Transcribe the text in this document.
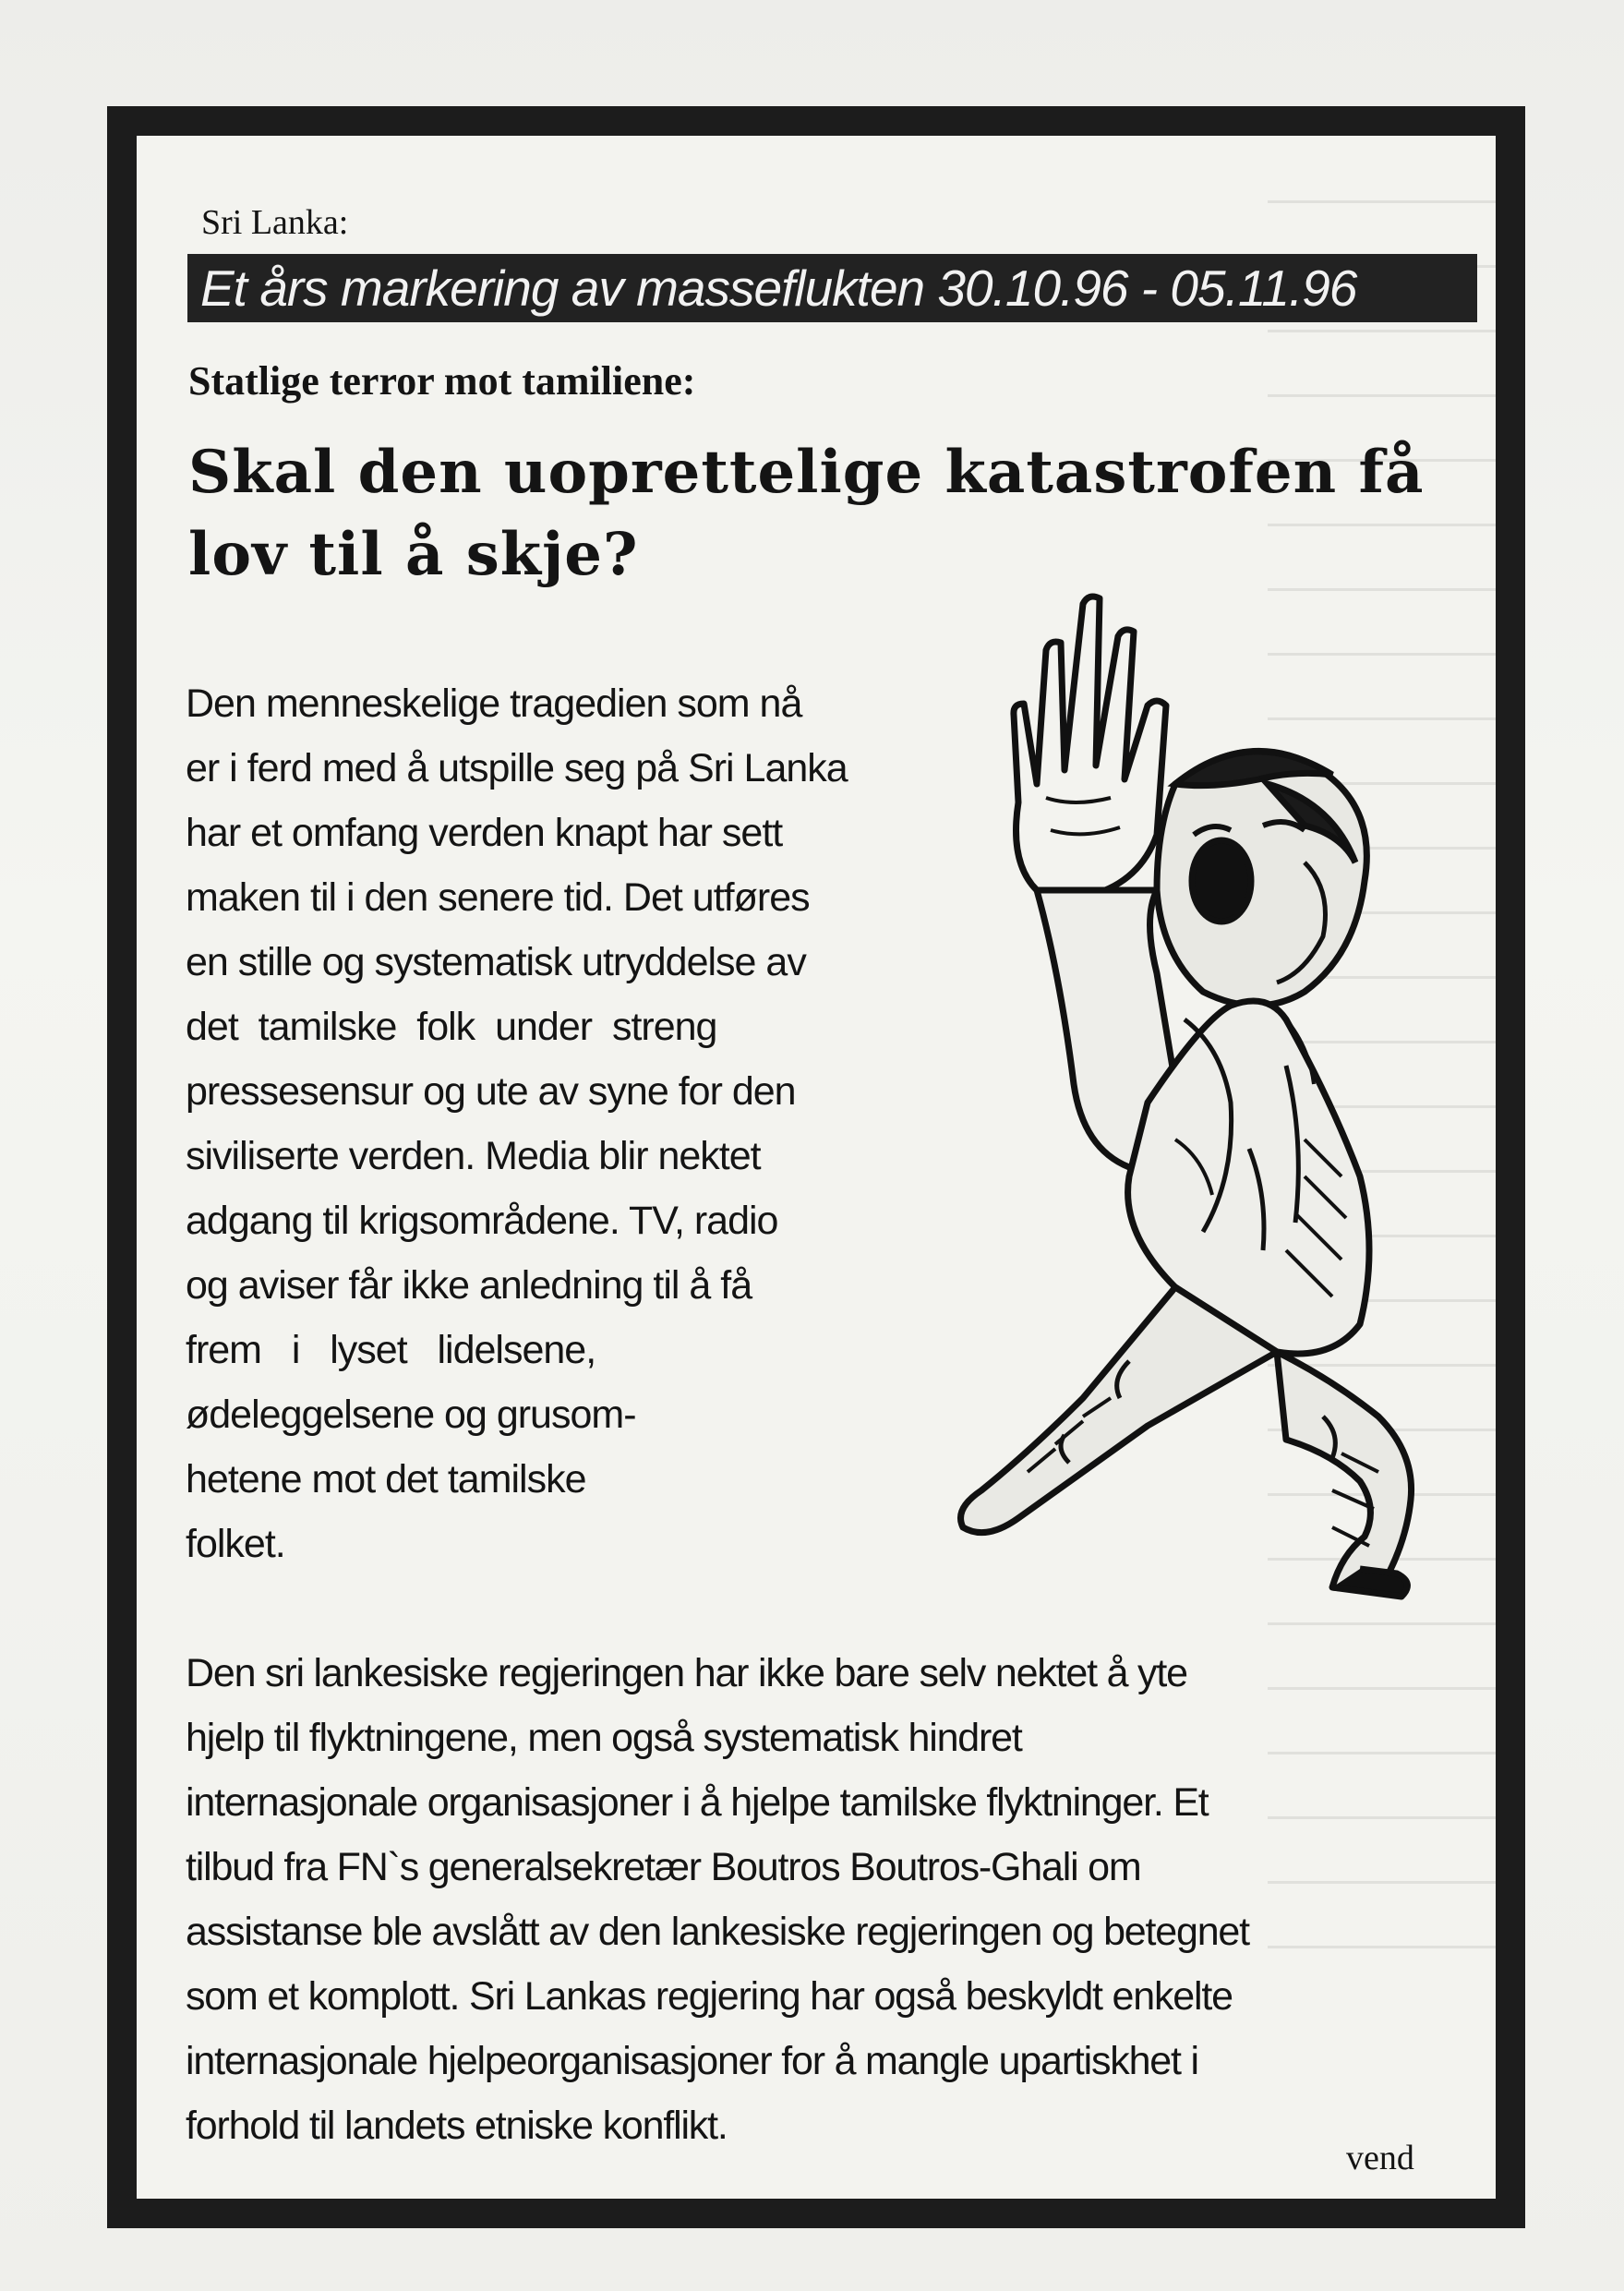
Sri Lanka:
Et års markering av masseflukten 30.10.96 - 05.11.96
Statlige terror mot tamiliene:
Skal den uoprettelige katastrofen få lov til å skje?
Den menneskelige tragedien som nå
er i ferd med å utspille seg på Sri Lanka
har et omfang verden knapt har sett
maken til i den senere tid. Det utføres
en stille og systematisk utryddelse av
det  tamilske  folk  under  streng
pressesensur og ute av syne for den
siviliserte verden. Media blir nektet
adgang til krigsområdene. TV, radio
og aviser får ikke anledning til å få
frem   i   lyset   lidelsene,
ødeleggelsene og grusom-
hetene mot det tamilske
folket.
Den sri lankesiske regjeringen har ikke bare selv nektet å yte
hjelp til flyktningene, men også systematisk hindret
internasjonale organisasjoner i å hjelpe tamilske flyktninger. Et
tilbud fra FN`s generalsekretær Boutros Boutros-Ghali om
assistanse ble avslått av den lankesiske regjeringen og betegnet
som et komplott. Sri Lankas regjering har også beskyldt enkelte
internasjonale hjelpeorganisasjoner for å mangle upartiskhet i
forhold til landets etniske konflikt.
vend
